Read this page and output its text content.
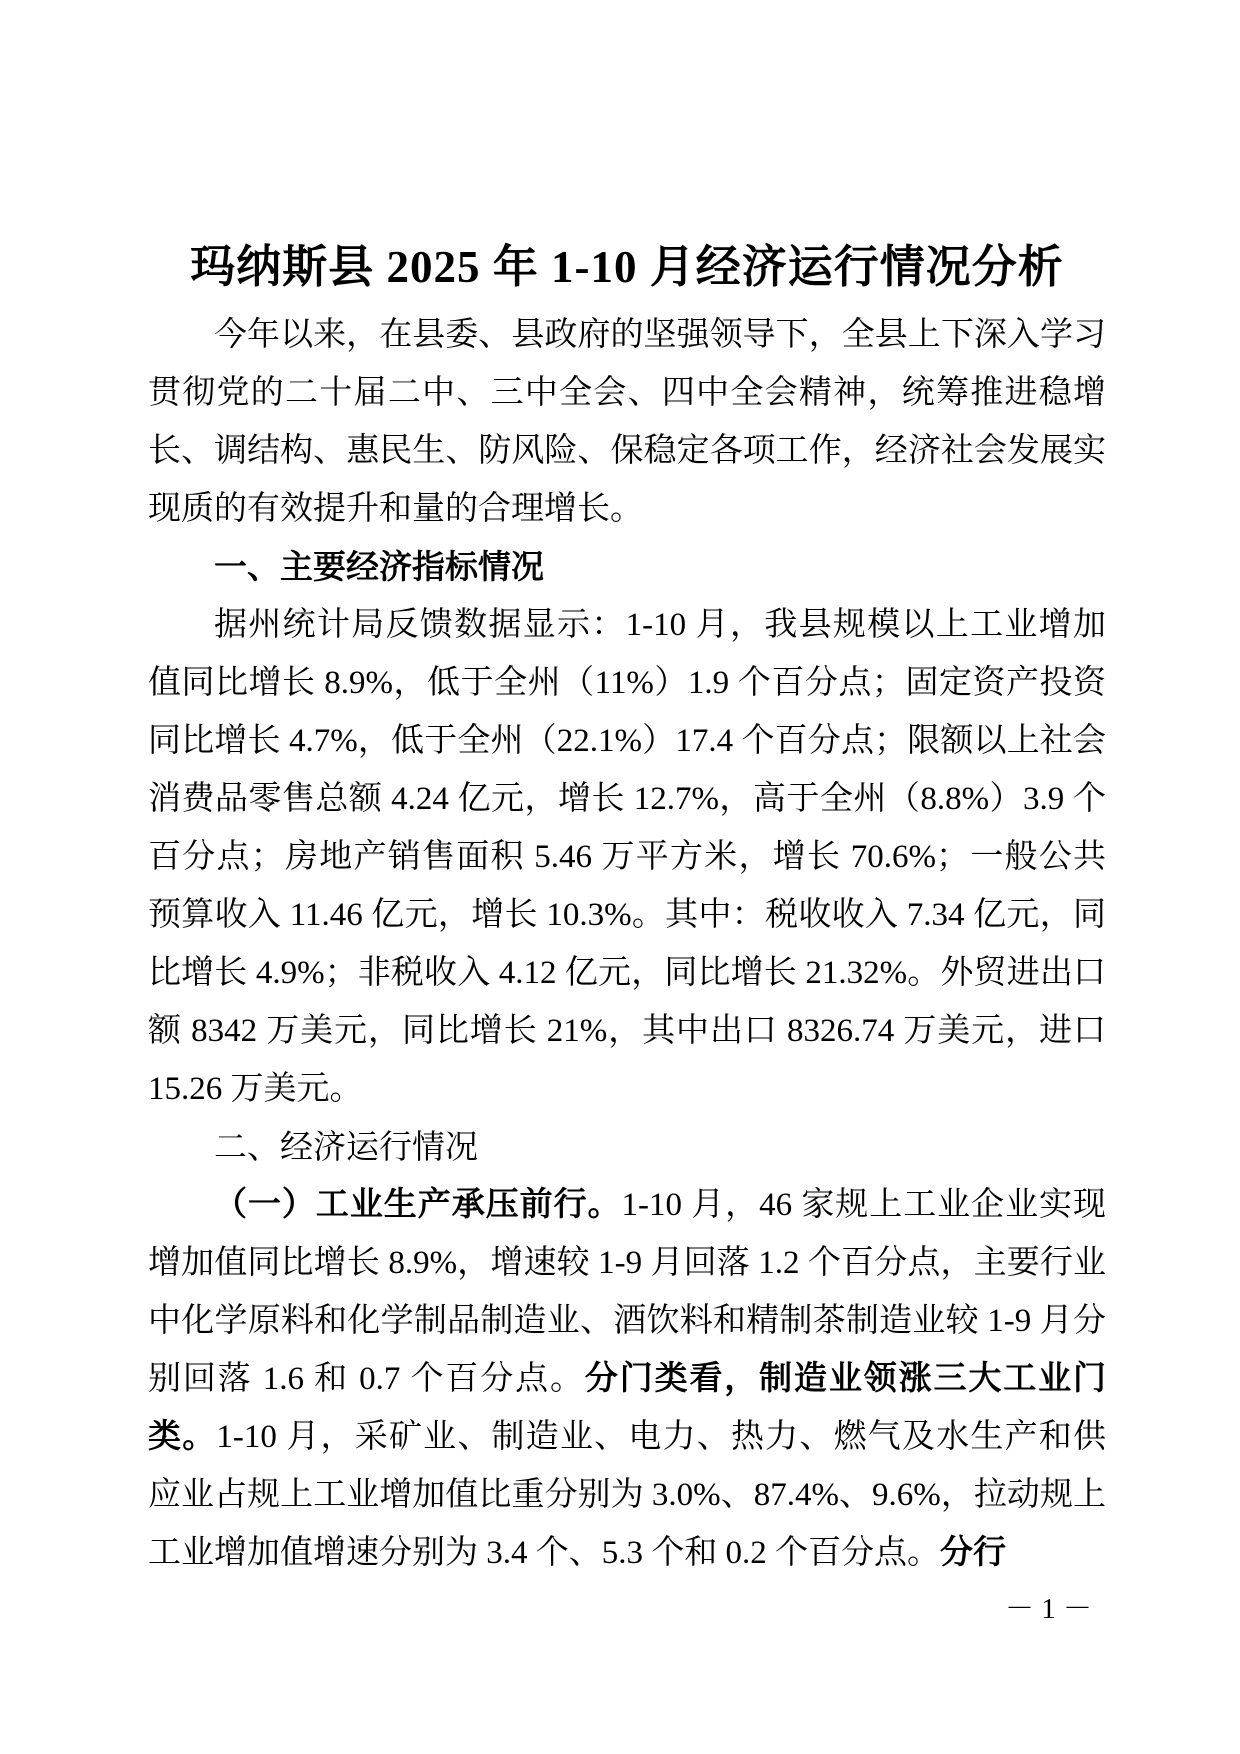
玛纳斯县 2025 年 1-10 月经济运行情况分析

今年以来，在县委、县政府的坚强领导下，全县上下深入学习贯彻党的二十届二中、三中全会、四中全会精神，统筹推进稳增长、调结构、惠民生、防风险、保稳定各项工作，经济社会发展实现质的有效提升和量的合理增长。

一、主要经济指标情况

据州统计局反馈数据显示：1-10 月，我县规模以上工业增加值同比增长 8.9%，低于全州（11%）1.9 个百分点；固定资产投资同比增长 4.7%，低于全州（22.1%）17.4 个百分点；限额以上社会消费品零售总额 4.24 亿元，增长 12.7%，高于全州（8.8%）3.9 个百分点；房地产销售面积 5.46 万平方米，增长 70.6%；一般公共预算收入 11.46 亿元，增长 10.3%。其中：税收收入 7.34 亿元，同比增长 4.9%；非税收入 4.12 亿元，同比增长 21.32%。外贸进出口额 8342 万美元，同比增长 21%，其中出口 8326.74 万美元，进口 15.26 万美元。

二、经济运行情况

（一）工业生产承压前行。1-10 月，46 家规上工业企业实现增加值同比增长 8.9%，增速较 1-9 月回落 1.2 个百分点，主要行业中化学原料和化学制品制造业、酒饮料和精制茶制造业较 1-9 月分别回落 1.6 和 0.7 个百分点。分门类看，制造业领涨三大工业门类。1-10 月，采矿业、制造业、电力、热力、燃气及水生产和供应业占规上工业增加值比重分别为 3.0%、87.4%、9.6%，拉动规上工业增加值增速分别为 3.4 个、5.3 个和 0.2 个百分点。分行

－ 1 －
